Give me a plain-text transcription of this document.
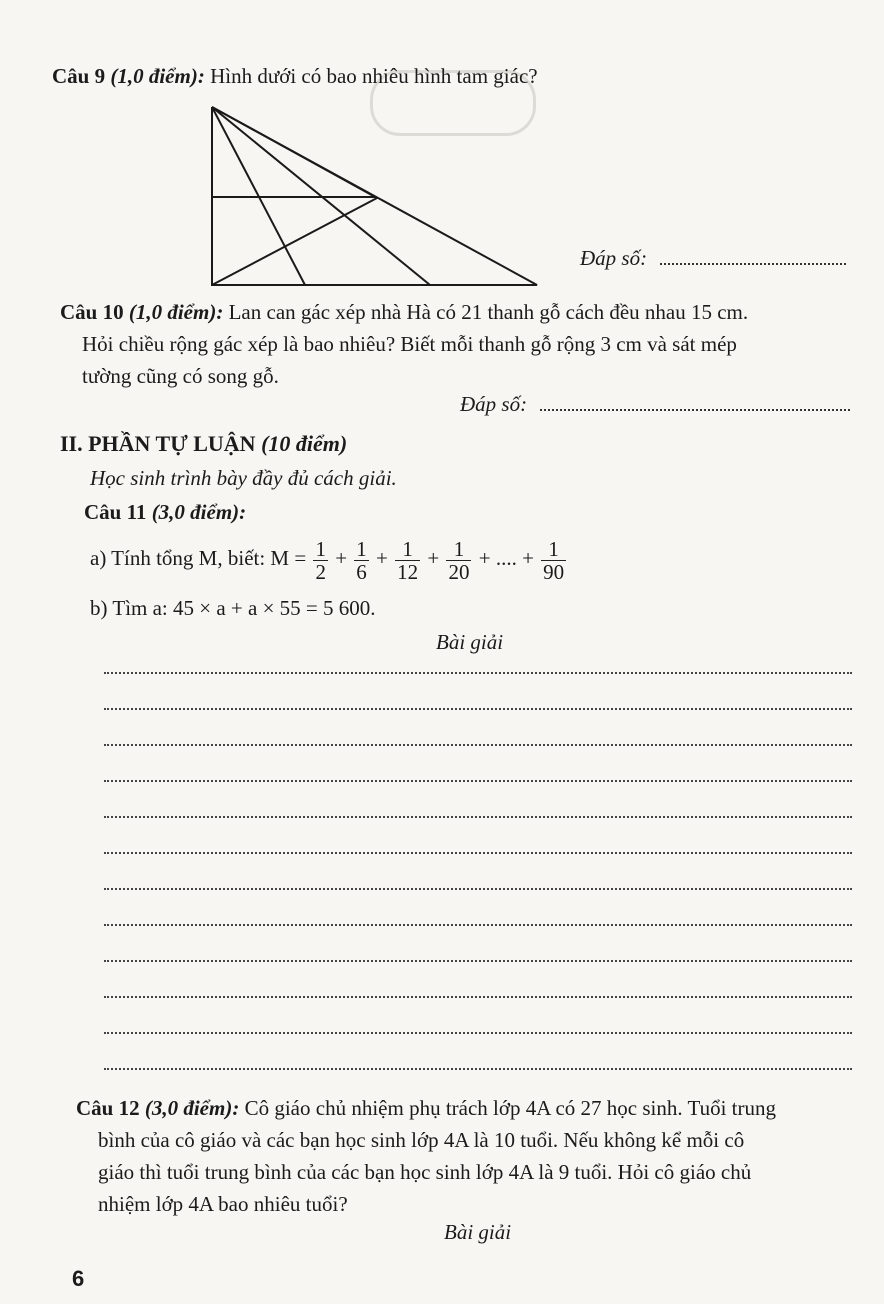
Câu 9 (1,0 điểm): Hình dưới có bao nhiêu hình tam giác?
Đáp số:
Câu 10 (1,0 điểm): Lan can gác xép nhà Hà có 21 thanh gỗ cách đều nhau 15 cm.
Hỏi chiều rộng gác xép là bao nhiêu? Biết mỗi thanh gỗ rộng 3 cm và sát mép
tường cũng có song gỗ.
Đáp số:
II. PHẦN TỰ LUẬN (10 điểm)
Học sinh trình bày đầy đủ cách giải.
Câu 11 (3,0 điểm):
a) Tính tổng M, biết: $M = \frac{1}{2} + \frac{1}{6} + \frac{1}{12} + \frac{1}{20}$ + .... + $\frac{1}{90}$
b) Tìm a: 45 × a + a × 55 = 5 600.
Bài giải
Câu 12 (3,0 điểm): Cô giáo chủ nhiệm phụ trách lớp 4A có 27 học sinh. Tuổi trung
bình của cô giáo và các bạn học sinh lớp 4A là 10 tuổi. Nếu không kể mỗi cô
giáo thì tuổi trung bình của các bạn học sinh lớp 4A là 9 tuổi. Hỏi cô giáo chủ
nhiệm lớp 4A bao nhiêu tuổi?
Bài giải
6
